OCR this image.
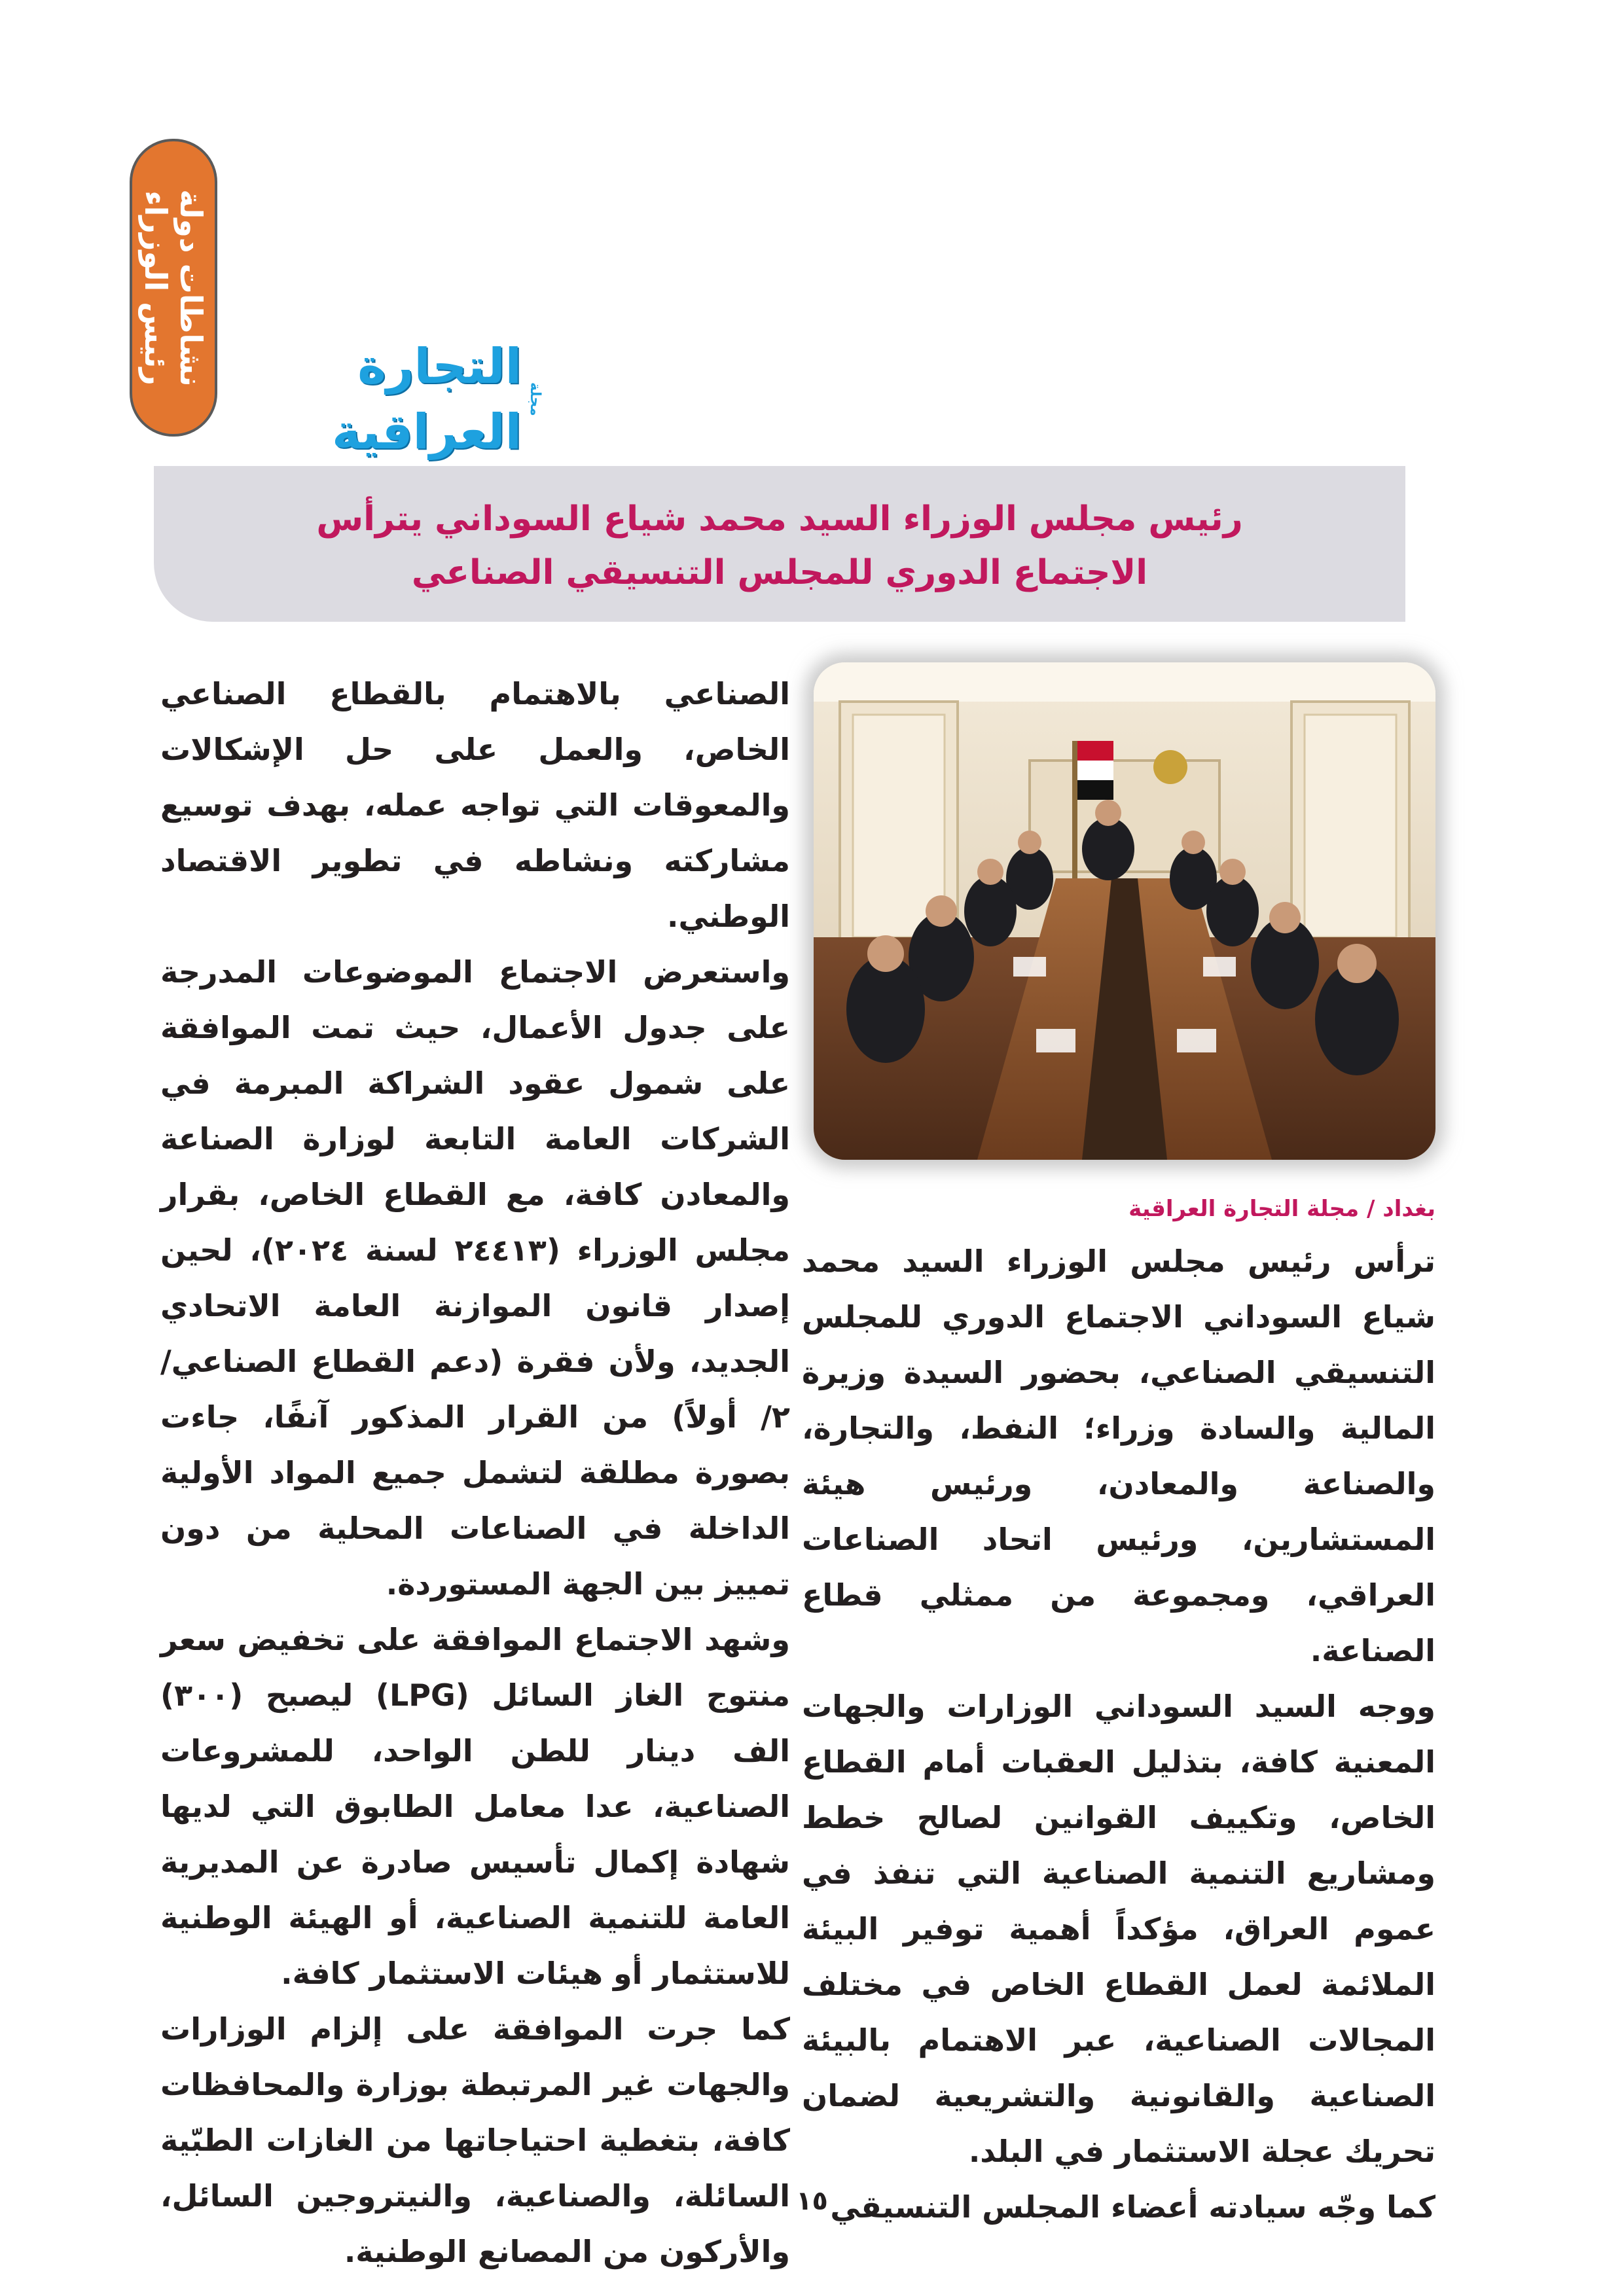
نشاطات دولة رئيس الوزراء
مجلة
التجارة العراقية
رئيس مجلس الوزراء السيد محمد شياع السوداني يترأس
الاجتماع الدوري للمجلس التنسيقي الصناعي
بغداد / مجلة التجارة العراقية

ترأس رئيس مجلس الوزراء السيد محمد شياع السوداني الاجتماع الدوري للمجلس التنسيقي الصناعي، بحضور السيدة وزيرة المالية والسادة وزراء؛ النفط، والتجارة، والصناعة والمعادن، ورئيس هيئة المستشارين، ورئيس اتحاد الصناعات العراقي، ومجموعة من ممثلي قطاع الصناعة.

ووجه السيد السوداني الوزارات والجهات المعنية كافة، بتذليل العقبات أمام القطاع الخاص، وتكييف القوانين لصالح خطط ومشاريع التنمية الصناعية التي تنفذ في عموم العراق، مؤكداً أهمية توفير البيئة الملائمة لعمل القطاع الخاص في مختلف المجالات الصناعية، عبر الاهتمام بالبيئة الصناعية والقانونية والتشريعية لضمان تحريك عجلة الاستثمار في البلد.

كما وجّه سيادته أعضاء المجلس التنسيقي

الصناعي بالاهتمام بالقطاع الصناعي الخاص، والعمل على حل الإشكالات والمعوقات التي تواجه عمله، بهدف توسيع مشاركته ونشاطه في تطوير الاقتصاد الوطني.

واستعرض الاجتماع الموضوعات المدرجة على جدول الأعمال، حيث تمت الموافقة على شمول عقود الشراكة المبرمة في الشركات العامة التابعة لوزارة الصناعة والمعادن كافة، مع القطاع الخاص، بقرار مجلس الوزراء (٢٤٤١٣ لسنة ٢٠٢٤)، لحين إصدار قانون الموازنة العامة الاتحادي الجديد، ولأن فقرة (دعم القطاع الصناعي/ ٢/ أولاً) من القرار المذكور آنفًا، جاءت بصورة مطلقة لتشمل جميع المواد الأولية الداخلة في الصناعات المحلية من دون تمييز بين الجهة المستوردة.

وشهد الاجتماع الموافقة على تخفيض سعر منتوج الغاز السائل (LPG) ليصبح (٣٠٠) الف دينار للطن الواحد، للمشروعات الصناعية، عدا معامل الطابوق التي لديها شهادة إكمال تأسيس صادرة عن المديرية العامة للتنمية الصناعية، أو الهيئة الوطنية للاستثمار أو هيئات الاستثمار كافة.

كما جرت الموافقة على إلزام الوزارات والجهات غير المرتبطة بوزارة والمحافظات كافة، بتغطية احتياجاتها من الغازات الطبّية السائلة، والصناعية، والنيتروجين السائل، والأركون من المصانع الوطنية.

١٥
